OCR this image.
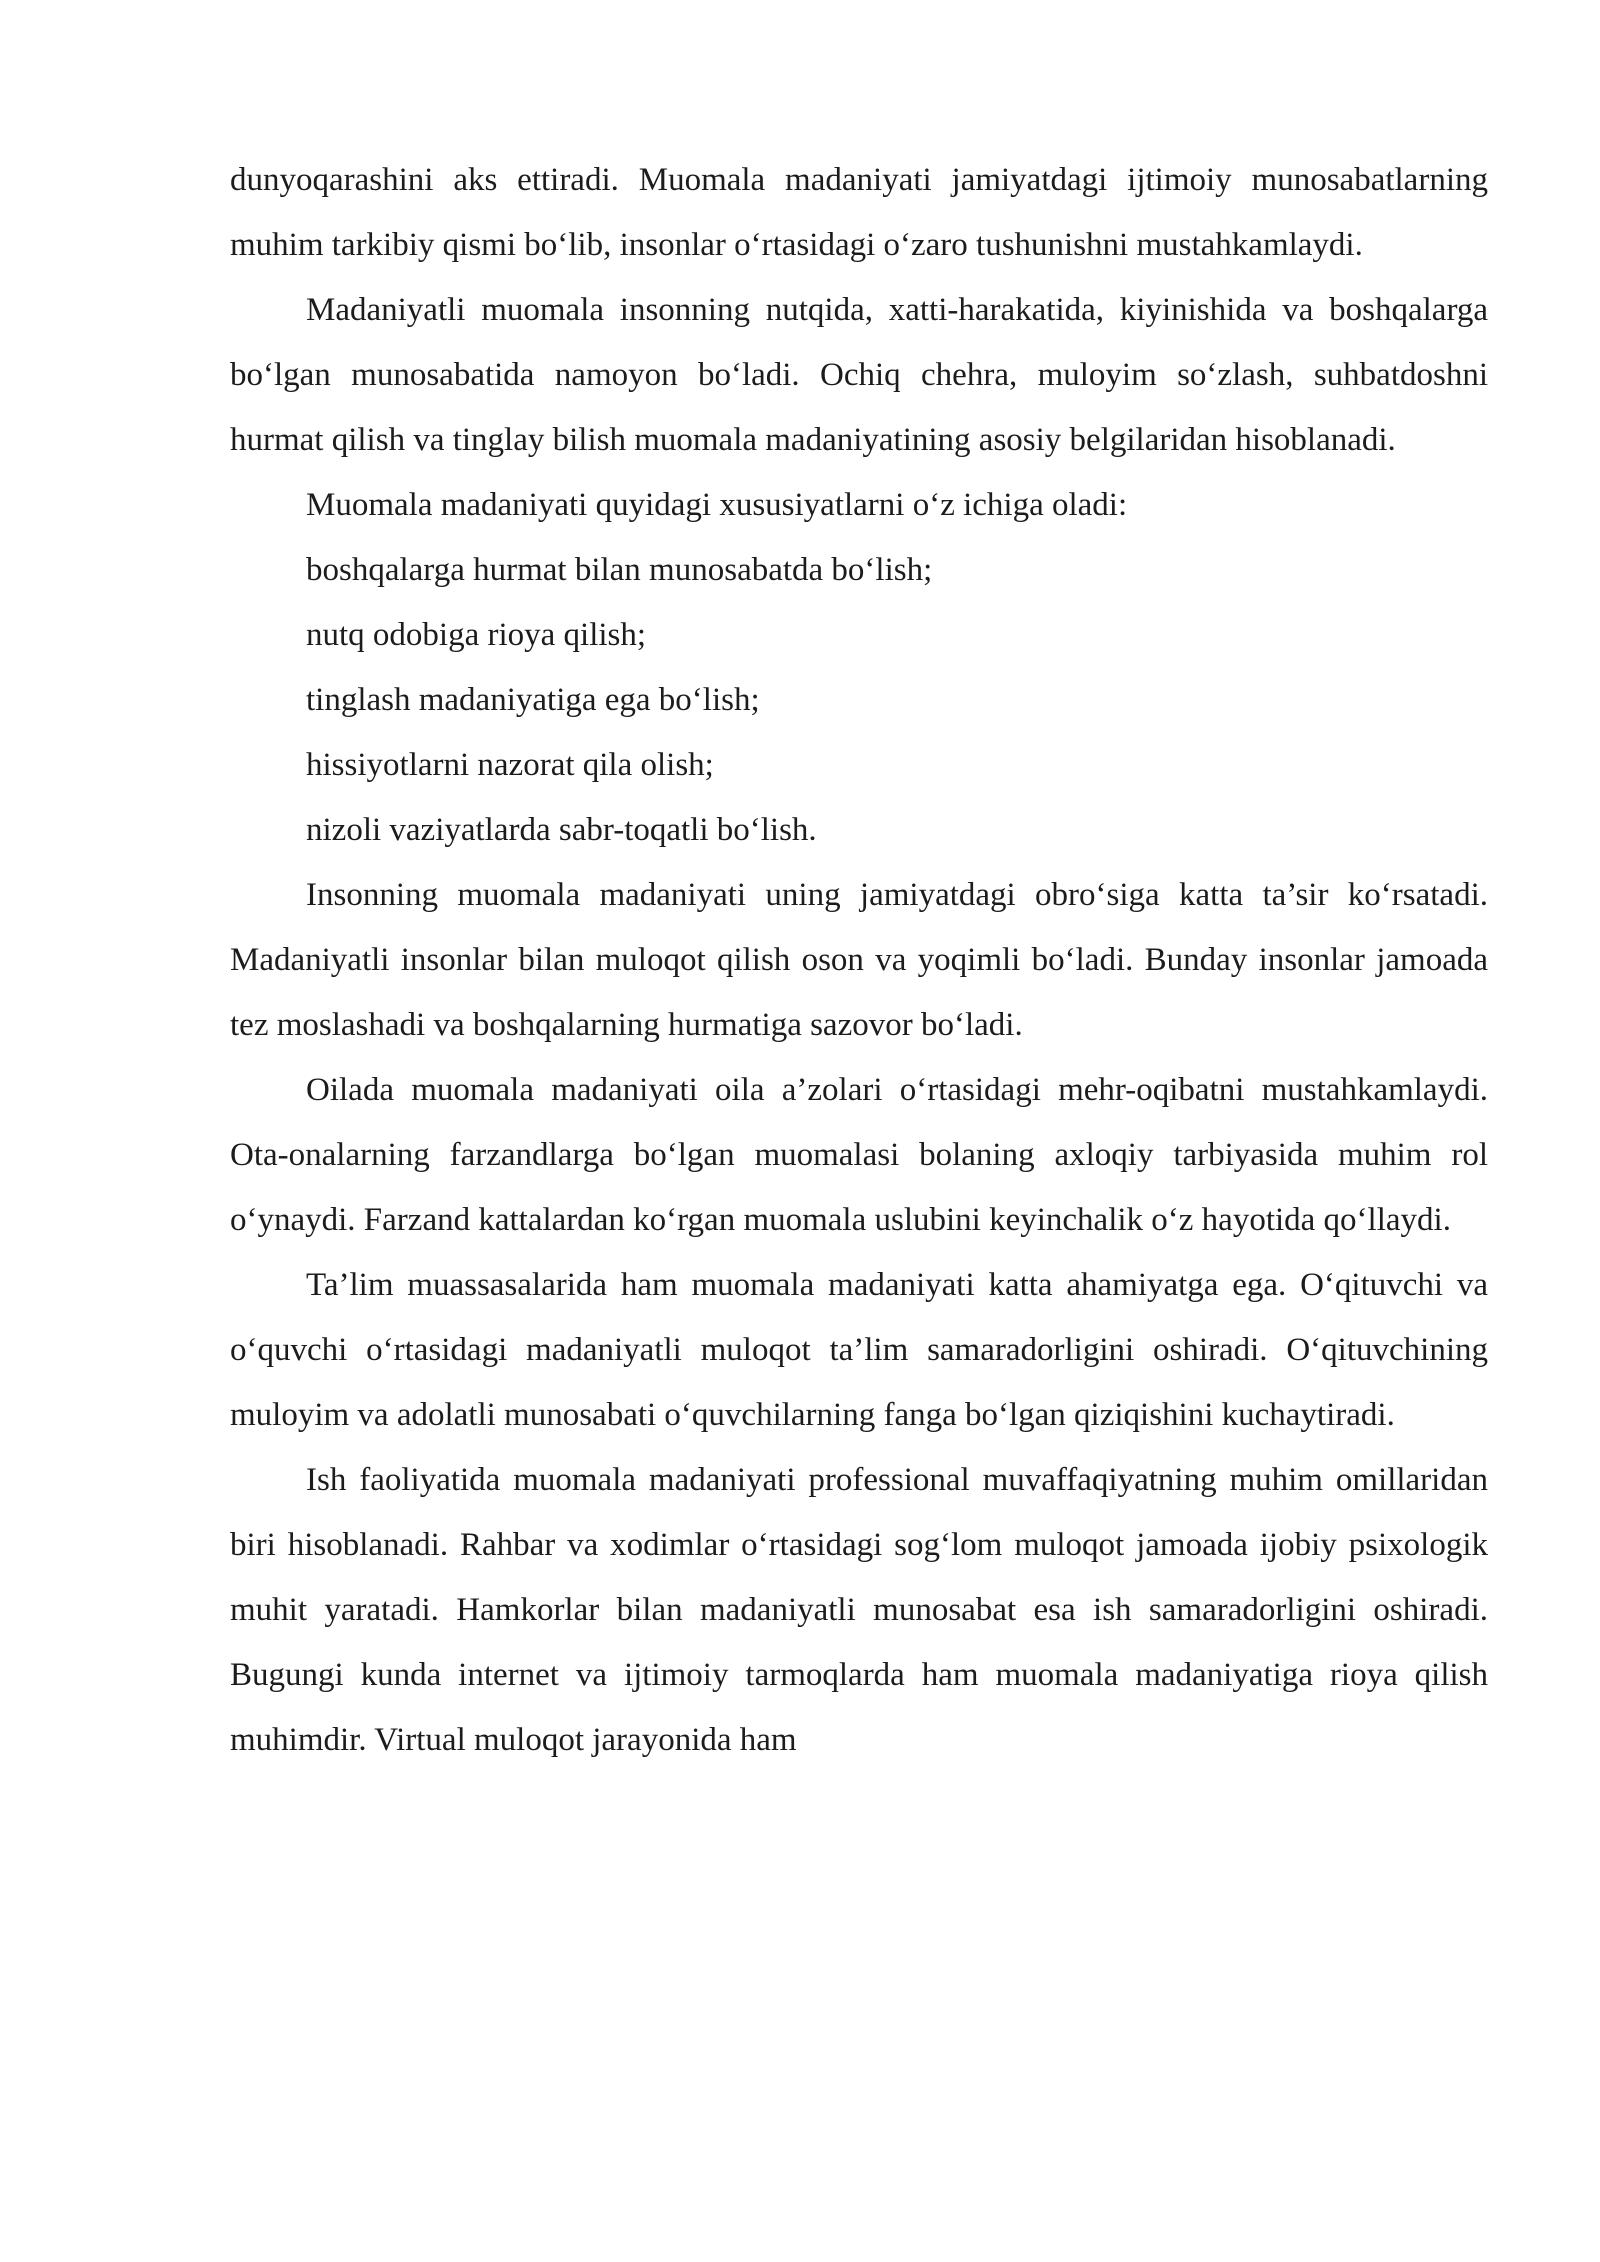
dunyoqarashini aks ettiradi. Muomala madaniyati jamiyatdagi ijtimoiy munosabatlarning muhim tarkibiy qismi bo‘lib, insonlar o‘rtasidagi o‘zaro tushunishni mustahkamlaydi.

Madaniyatli muomala insonning nutqida, xatti-harakatida, kiyinishida va boshqalarga bo‘lgan munosabatida namoyon bo‘ladi. Ochiq chehra, muloyim so‘zlash, suhbatdoshni hurmat qilish va tinglay bilish muomala madaniyatining asosiy belgilaridan hisoblanadi.

Muomala madaniyati quyidagi xususiyatlarni o‘z ichiga oladi:

boshqalarga hurmat bilan munosabatda bo‘lish;
nutq odobiga rioya qilish;
tinglash madaniyatiga ega bo‘lish;
hissiyotlarni nazorat qila olish;
nizoli vaziyatlarda sabr-toqatli bo‘lish.

Insonning muomala madaniyati uning jamiyatdagi obro‘siga katta ta’sir ko‘rsatadi. Madaniyatli insonlar bilan muloqot qilish oson va yoqimli bo‘ladi. Bunday insonlar jamoada tez moslashadi va boshqalarning hurmatiga sazovor bo‘ladi.

Oilada muomala madaniyati oila a’zolari o‘rtasidagi mehr-oqibatni mustahkamlaydi. Ota-onalarning farzandlarga bo‘lgan muomalasi bolaning axloqiy tarbiyasida muhim rol o‘ynaydi. Farzand kattalardan ko‘rgan muomala uslubini keyinchalik o‘z hayotida qo‘llaydi.

Ta’lim muassasalarida ham muomala madaniyati katta ahamiyatga ega. O‘qituvchi va o‘quvchi o‘rtasidagi madaniyatli muloqot ta’lim samaradorligini oshiradi. O‘qituvchining muloyim va adolatli munosabati o‘quvchilarning fanga bo‘lgan qiziqishini kuchaytiradi.

Ish faoliyatida muomala madaniyati professional muvaffaqiyatning muhim omillaridan biri hisoblanadi. Rahbar va xodimlar o‘rtasidagi sog‘lom muloqot jamoada ijobiy psixologik muhit yaratadi. Hamkorlar bilan madaniyatli munosabat esa ish samaradorligini oshiradi. Bugungi kunda internet va ijtimoiy tarmoqlarda ham muomala madaniyatiga rioya qilish muhimdir. Virtual muloqot jarayonida ham
